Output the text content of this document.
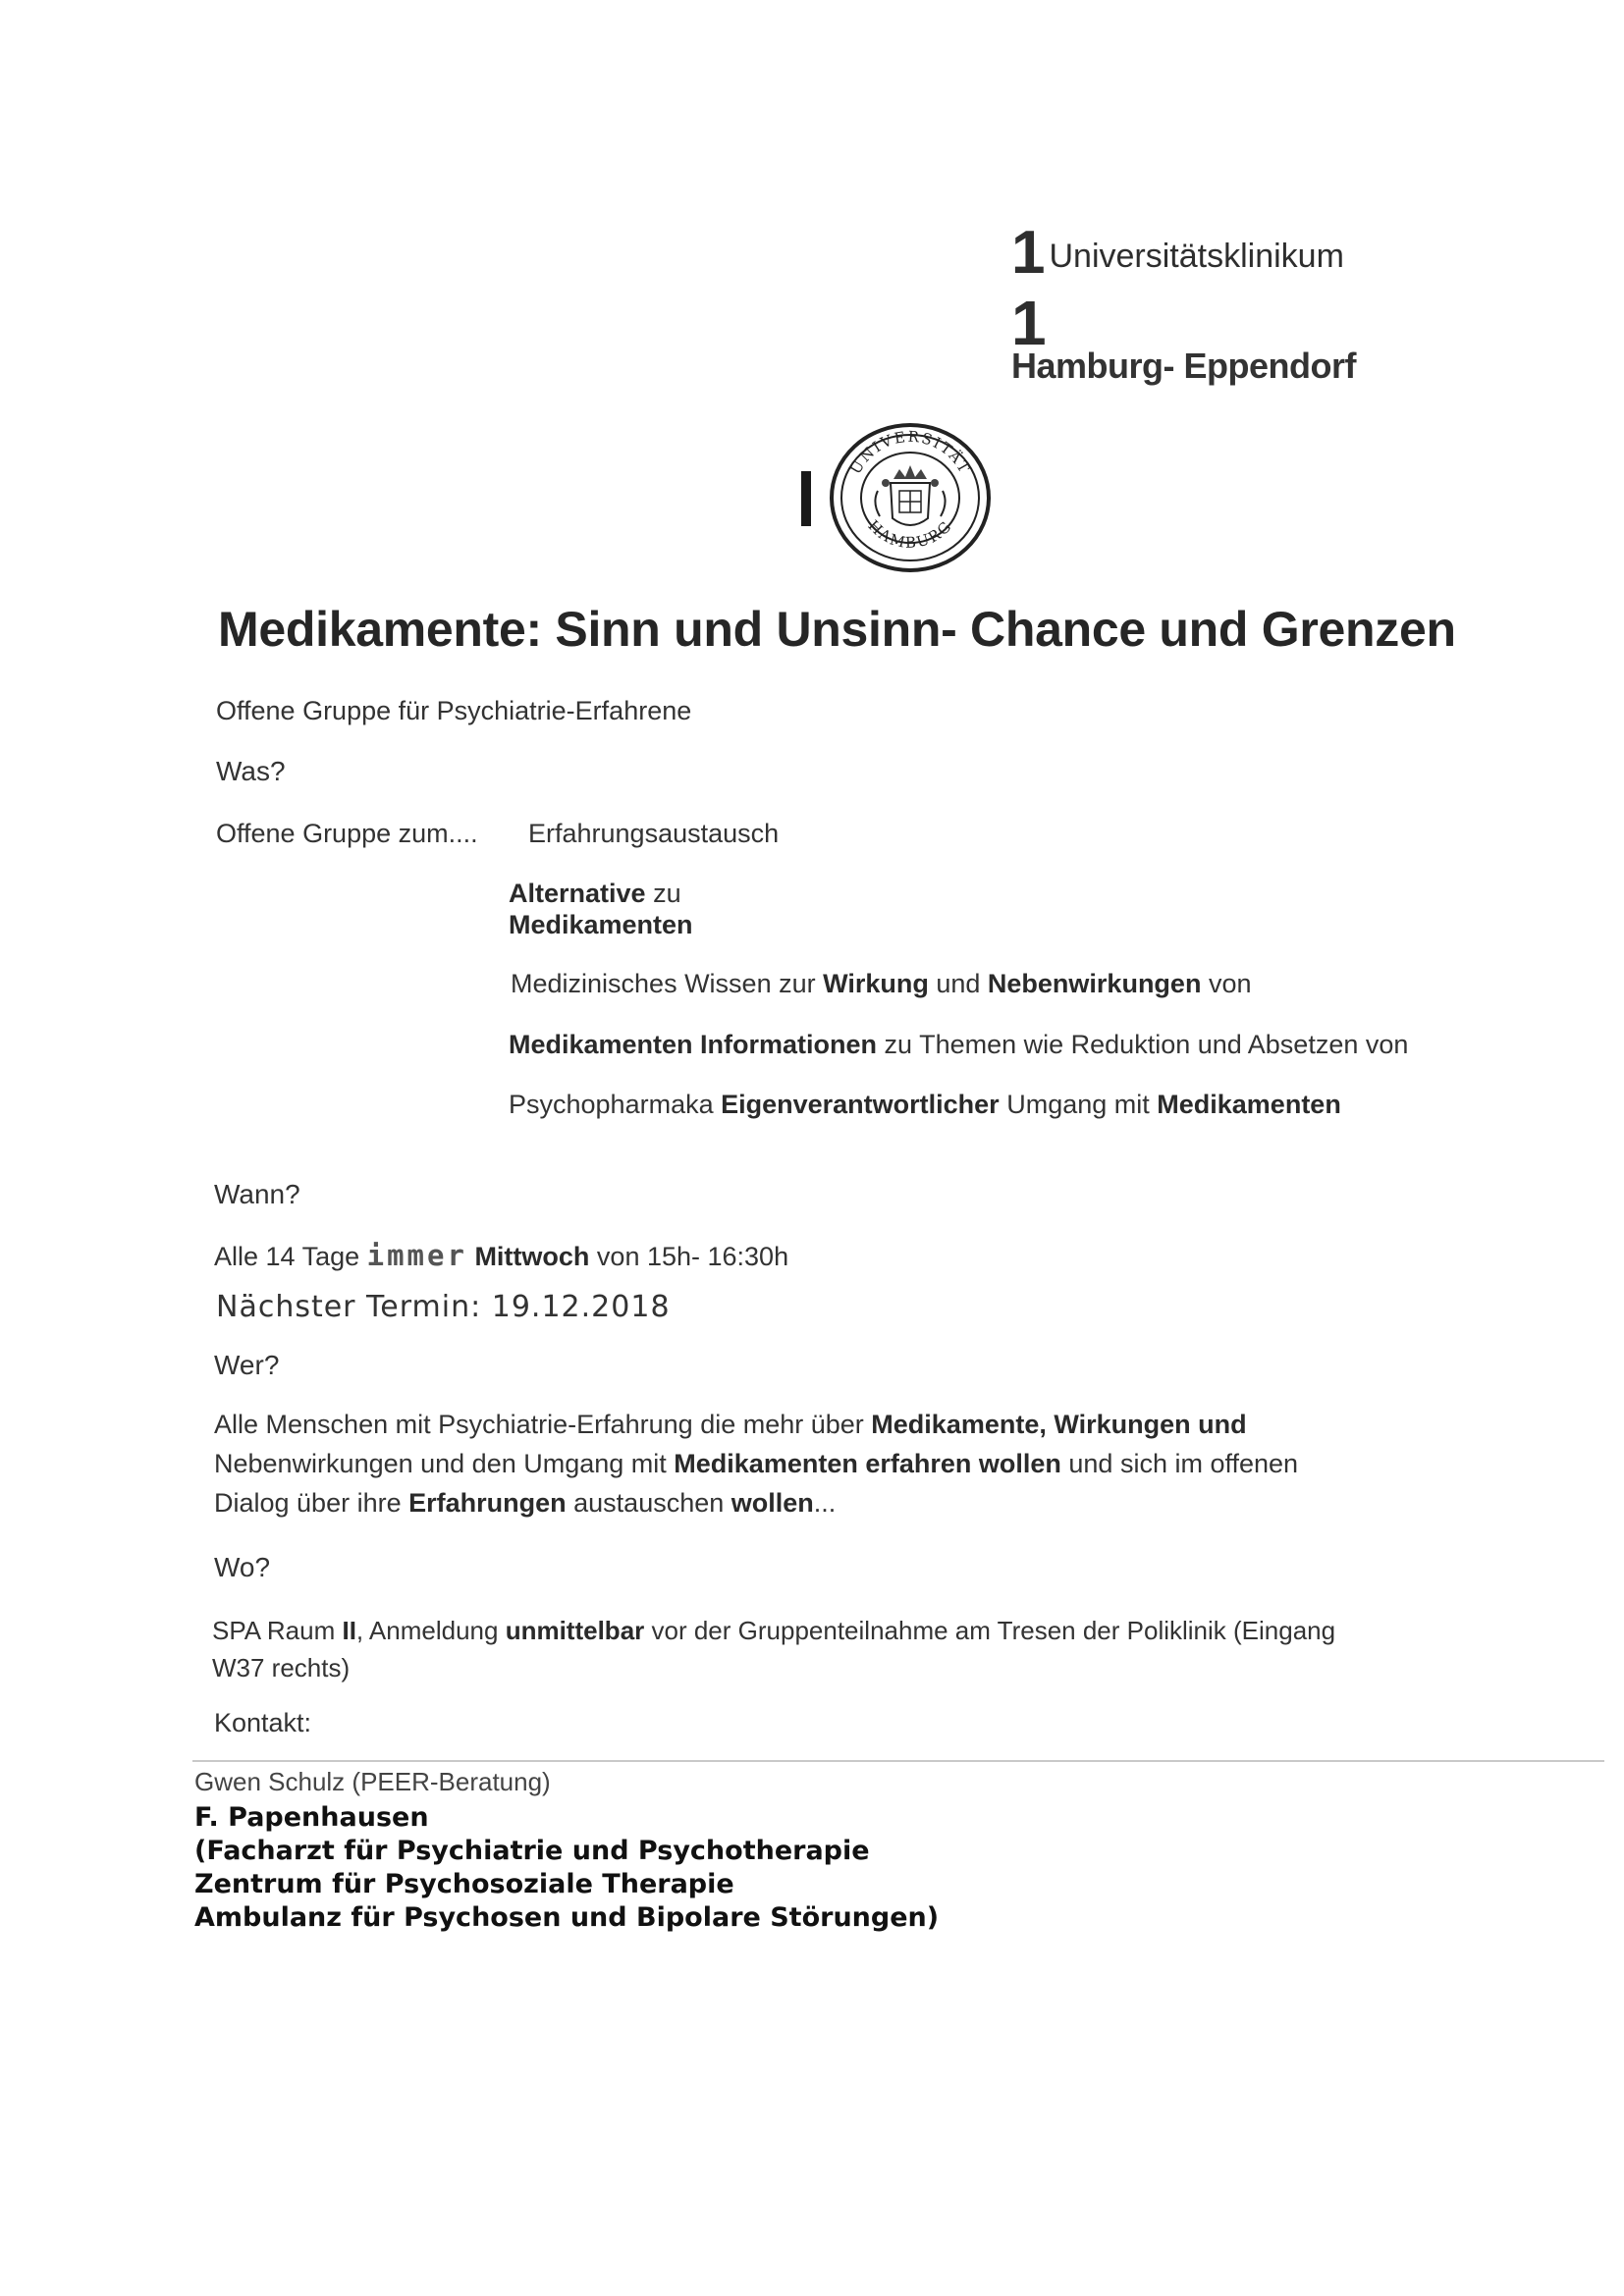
1 Universitätsklinikum
1
Hamburg- Eppendorf
UNIVERSITÄT
HAMBURG
Medikamente: Sinn und Unsinn- Chance und Grenzen
Offene Gruppe für Psychiatrie-Erfahrene
Was?
Offene Gruppe zum.... Erfahrungsaustausch
Alternative zu
Medikamenten
Medizinisches Wissen zur Wirkung und Nebenwirkungen von
Medikamenten Informationen zu Themen wie Reduktion und Absetzen von
Psychopharmaka Eigenverantwortlicher Umgang mit Medikamenten
Wann?
Alle 14 Tage immer Mittwoch von 15h- 16:30h
Nächster Termin: 19.12.2018
Wer?
Alle Menschen mit Psychiatrie-Erfahrung die mehr über Medikamente, Wirkungen und
Nebenwirkungen und den Umgang mit Medikamenten erfahren wollen und sich im offenen
Dialog über ihre Erfahrungen austauschen wollen...
Wo?
SPA Raum II, Anmeldung unmittelbar vor der Gruppenteilnahme am Tresen der Poliklinik (Eingang
W37 rechts)
Kontakt:
Gwen Schulz (PEER-Beratung)
F. Papenhausen
(Facharzt für Psychiatrie und Psychotherapie
Zentrum für Psychosoziale Therapie
Ambulanz für Psychosen und Bipolare Störungen)
